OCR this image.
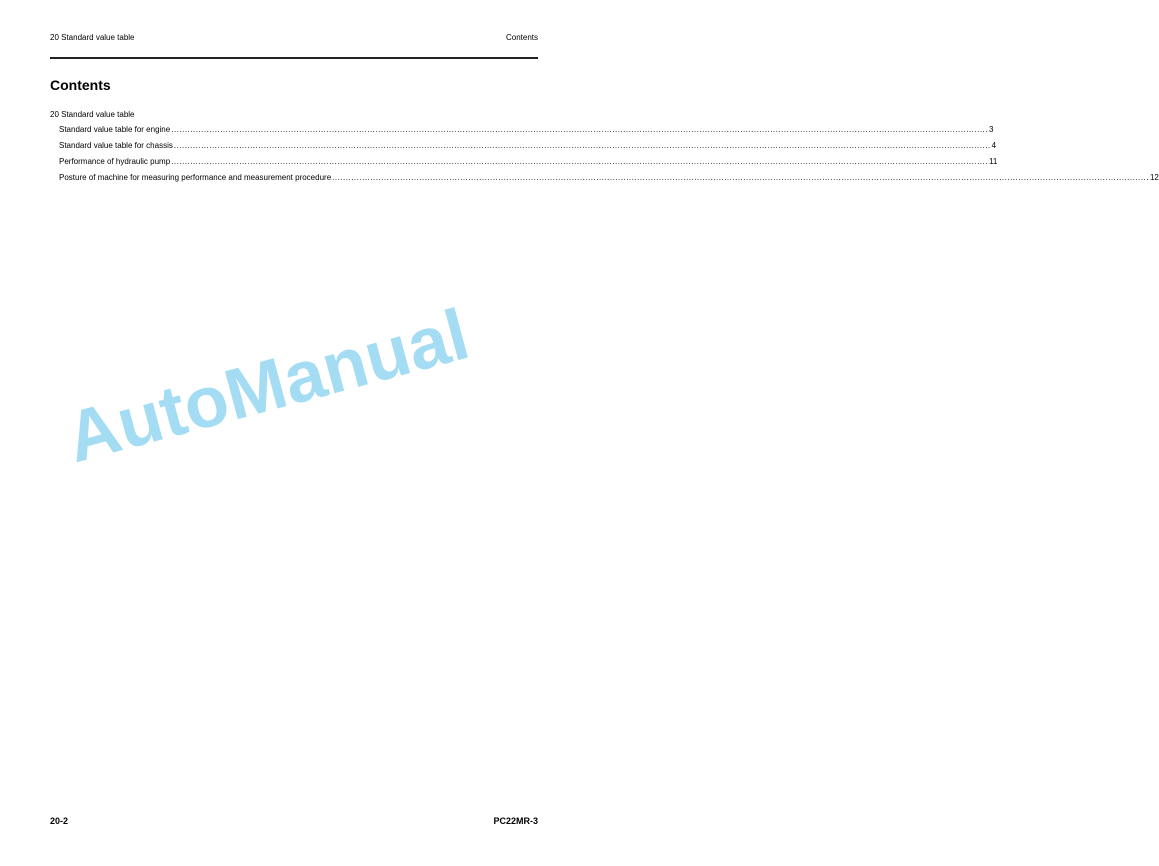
20 Standard value table	Contents
Contents
20 Standard value table
Standard value table for engine ............................................................................................................................................................................................................................................................................................................ 3
Standard value table for chassis ............................................................................................................................................................................................................................................................................................................ 4
Performance of hydraulic pump ............................................................................................................................................................................................................................................................................................................ 11
Posture of machine for measuring performance and measurement procedure ............................................................................................................................................................................................................................................................................................................ 12
AutoManual
20-2	PC22MR-3
